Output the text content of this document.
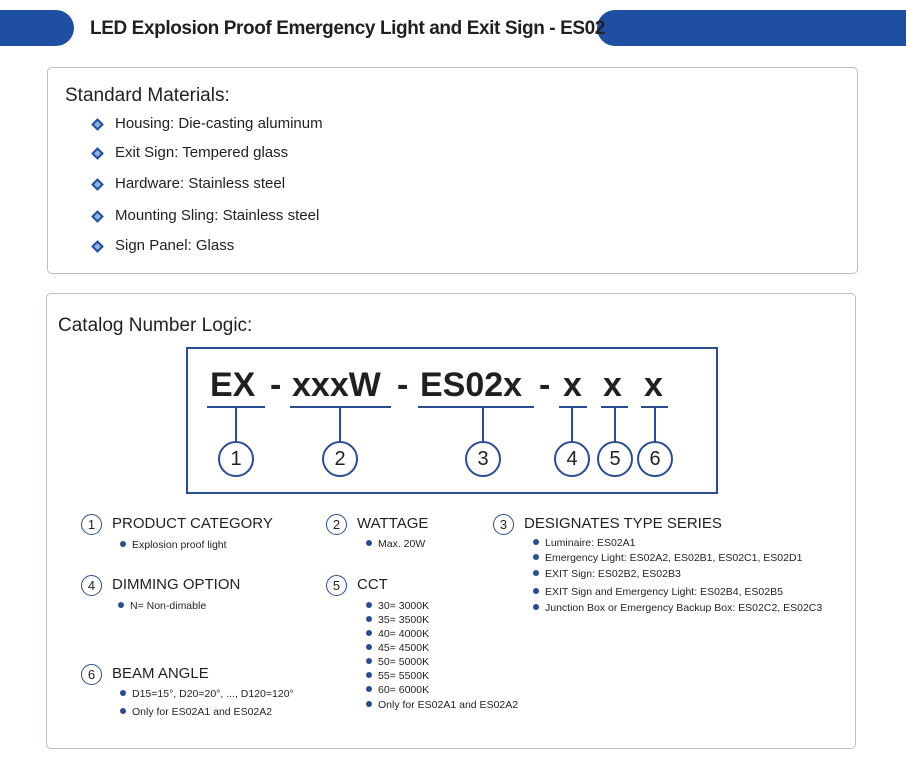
LED Explosion Proof Emergency Light and Exit Sign - ES02
Standard Materials:
Housing: Die-casting aluminum
Exit Sign: Tempered glass
Hardware: Stainless steel
Mounting Sling: Stainless steel
Sign Panel: Glass
Catalog Number Logic:
EX - xxxW - ES02x - x x x
1	2	3	4	5	6
1	PRODUCT CATEGORY
Explosion proof light
2	WATTAGE
Max. 20W
3	DESIGNATES TYPE SERIES
Luminaire: ES02A1
Emergency Light: ES02A2, ES02B1, ES02C1, ES02D1
EXIT Sign: ES02B2, ES02B3
EXIT Sign and Emergency Light: ES02B4, ES02B5
Junction Box or Emergency Backup Box: ES02C2, ES02C3
4	DIMMING OPTION
N= Non-dimable
5	CCT
30= 3000K
35= 3500K
40= 4000K
45= 4500K
50= 5000K
55= 5500K
60= 6000K
Only for ES02A1 and ES02A2
6	BEAM ANGLE
D15=15°, D20=20°, ..., D120=120°
Only for ES02A1 and ES02A2
